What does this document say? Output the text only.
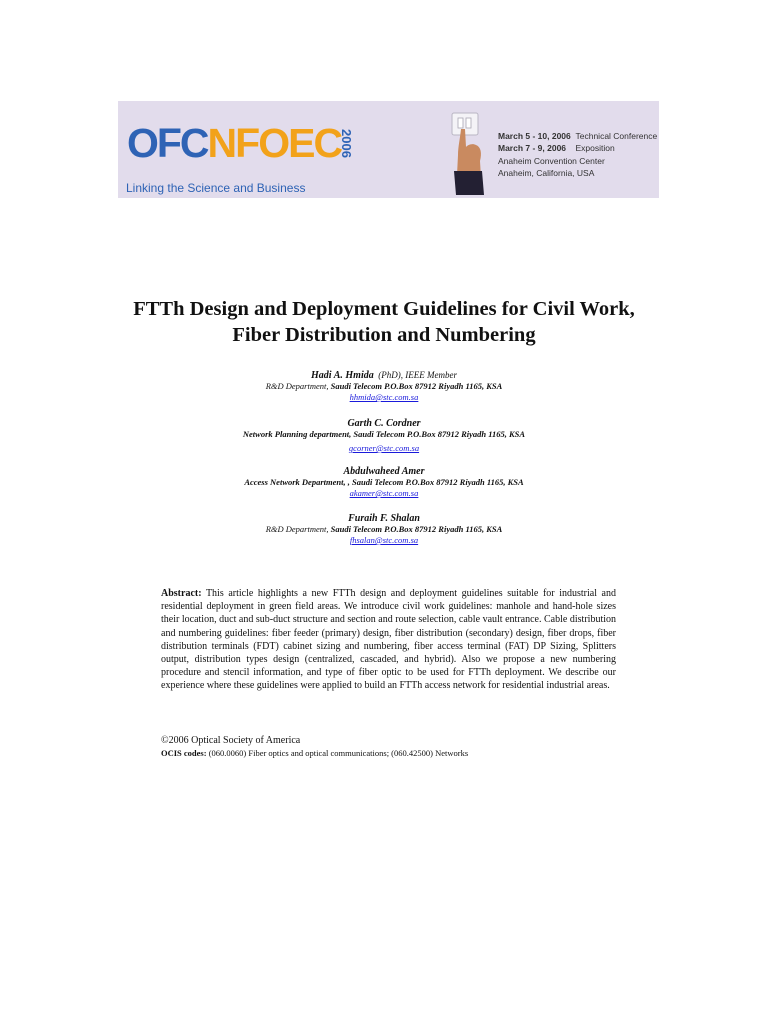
OFCNFOEC
2006
Linking the Science and Business
March 5 - 10, 2006 Technical Conference
March 7 - 9, 2006 Exposition
Anaheim Convention Center
Anaheim, California, USA
FTTh Design and Deployment Guidelines for Civil Work,
Fiber Distribution and Numbering
Hadi A. Hmida (PhD), IEEE Member
R&D Department, Saudi Telecom P.O.Box 87912 Riyadh 1165, KSA
hhmida@stc.com.sa
Garth C. Cordner
Network Planning department, Saudi Telecom P.O.Box 87912 Riyadh 1165, KSA
gcorner@stc.com.sa
Abdulwaheed Amer
Access Network Department, , Saudi Telecom P.O.Box 87912 Riyadh 1165, KSA
akamer@stc.com.sa
Furaih F. Shalan
R&D Department, Saudi Telecom P.O.Box 87912 Riyadh 1165, KSA
fhsalan@stc.com.sa
Abstract: This article highlights a new FTTh design and deployment guidelines suitable for industrial and residential deployment in green field areas. We introduce civil work guidelines: manhole and hand-hole sizes their location, duct and sub-duct structure and section and route selection, cable vault entrance. Cable distribution and numbering guidelines: fiber feeder (primary) design, fiber distribution (secondary) design, fiber drops, fiber distribution terminals (FDT) cabinet sizing and numbering, fiber access terminal (FAT) DP Sizing, Splitters output, distribution types design (centralized, cascaded, and hybrid). Also we propose a new numbering procedure and stencil information, and type of fiber optic to be used for FTTh deployment. We describe our experience where these guidelines were applied to build an FTTh access network for residential industrial areas.
©2006 Optical Society of America
OCIS codes: (060.0060) Fiber optics and optical communications; (060.42500) Networks
